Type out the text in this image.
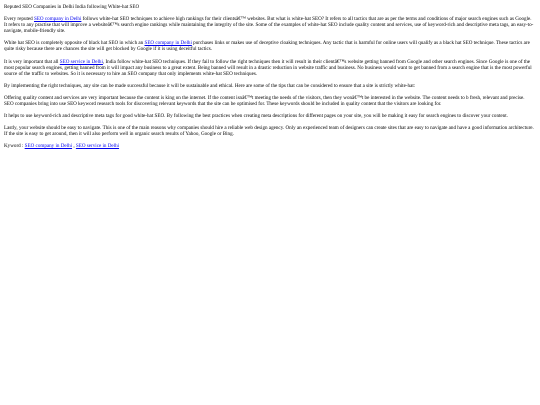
Reputed SEO Companies in Delhi India following White-hat SEO

Every reputed SEO company in Delhi follows white-hat SEO techniques to achieve high rankings for their clientsâ€™ websites. But what is white-hat SEO? It refers to all tactics that are as per the terms and conditions of major search engines such as Google. It refers to any practise that will improve a websiteâ€™s search engine rankings while maintaining the integrity of the site. Some of the examples of white-hat SEO include quality content and services, use of keyword-rich and descriptive meta tags, an easy-to-navigate, mobile-friendly site.

White hat SEO is completely opposite of black hat SEO in which an SEO company in Delhi purchases links or makes use of deceptive cloaking techniques. Any tactic that is harmful for online users will qualify as a black hat SEO technique. These tactics are quite risky because there are chances the site will get blocked by Google if it is using deceitful tactics.

It is very important that all SEO service in Delhi, India follow white-hat SEO techniques. If they fail to follow the right techniques then it will result in their clientâ€™s website getting banned from Google and other search engines. Since Google is one of the most popular search engines, getting banned from it will impact any business to a great extent. Being banned will result in a drastic reduction in website traffic and business. No business would want to get banned from a search engine that is the most powerful source of the traffic to websites. So it is necessary to hire an SEO company that only implements white-hat SEO techniques.

By implementing the right techniques, any site can be made successful because it will be sustainable and ethical. Here are some of the tips that can be considered to ensure that a site is strictly white-hat:

Offering quality content and services are very important because the content is king on the internet. If the content isnâ€™t meeting the needs of the visitors, then they wonâ€™t be interested in the website. The content needs to b fresh, relevant and precise. SEO companies bring into use SEO keyword research tools for discovering relevant keywords that the site can be optimised for. These keywords should be included in quality content that the visitors are looking for.

It helps to use keyword-rich and descriptive meta tags for good white-hat SEO. By following the best practices when creating meta descriptions for different pages on your site, you will be making it easy for search engines to discover your content.

Lastly, your website should be easy to navigate. This is one of the main reasons why companies should hire a reliable web design agency. Only an experienced team of designers can create sites that are easy to navigate and have a good information architecture. If the site is easy to get around, then it will also perform well in organic search results of Yahoo, Google or Bing.

Kyword : SEO company in Delhi , SEO service in Delhi
